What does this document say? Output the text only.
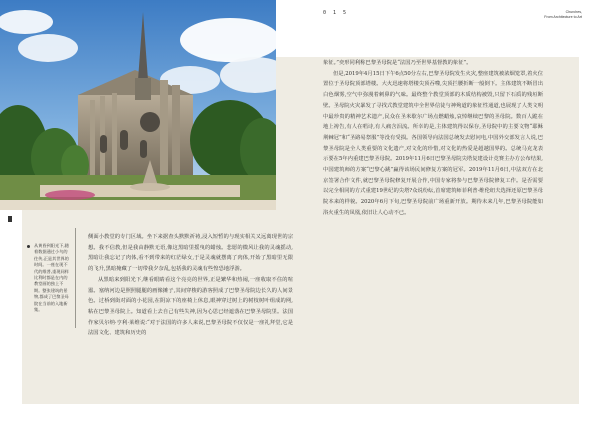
0 1 5	Churches,
From Architecture to Art
从黄昏到阳光下,随着数据通过小鸟的往传,正是其世界的时间。一座在现不代的维普,重现同样比利时都是在内的教堂画的独上不期。整张建筑的景物,都成了巴黎圣母院在当前的入地新集。

侧面小教堂的专门区域。坐下来据查头默默祈祷,浸入短暂的与现实相关又远离现世的宗想。我不信教,但是我由静默无语,像这黑暗里摇曳的蜡烛。悲愿的微风让我的灵魂摇动,黑暗让我忘记了肉体,看不到带来的红茫绿女,于是灵魂就摆离了肉体,开始了黑暗里无限的飞升,黑暗掩藏了一切带我夕奈乱,包括我的灵魂有些惶恐地浮游。

从黑暗来到阳光下,继看眼睛看这个亮亮的世界,正是繁华和热闹,一座收取不住的喧嚣。塞纳河边是照照腿腿的画像摊子,其间穿梭的游客照成了巴黎圣母院边长久的人间景色。过桥到街对面的小花园,在阴凉下的座椅上休息,眼神穿过树上的树枝树叶组成的网,粘在巴黎圣母院上。知道看上去自己有些失神,因为心思已经遮落在巴黎圣母院里。法国作家贝尔纳·亨利·莱维说:“对于法国的许多人来说,巴黎圣母院不仅仅是一座礼拜堂,它是法国文化、建筑和历史的

象征。”奕形同利称巴黎圣母院是“法国乃至世界基督教的象征”。

但是,2019年4月15日下午6点50分左右,巴黎圣母院发生火灾,整座建筑被浓烟笼罩,着火位置位于圣母院顶部塔楼。大火迅速将塔楼尖顶吞噬,尖顶拦腰折断一般倒下。主体建筑不断冒出白色烟雾,空气中弥漫着刺鼻的气味。最终整个教堂顶部的木质结构被毁,只留下石质的残垣断壁。圣母院火灾暴发了寻找式教堂建筑中全世界信徒与神殉道的象征性通道,也展现了人类文明中最珍贵的精神艺术遗产,民众在圣米歇尔广场点燃蜡烛,哀悼继续巴黎的圣母院。数百人跪在地上祷告,有人在唱诗,有人痛含泪流。所幸的是,主体建筑得以保存,圣母院中的主要文物“耶稣荆棘冠”和“圣路易祭服”等没有受损。各国领导向法国总统发去慰问电,中国外交部发言人说,巴黎圣母院是全人类重要的文化遗产,对文化的珍惜,对文化的热爱是超越国界的。总统马克龙表示要在5年内重建巴黎圣母院。2019年11月6日巴黎圣母院尖塔复建设计竞赛主办方公布结果,中国建筑师的方案“巴黎心跳”赢得该场民间修复方案的冠军。2019年11月6日,中法双方在北京签署合作文件,就巴黎圣母院修复开展合作,中国专家将参与巴黎圣母院修复工作。是否需要以完全相同的方式重建19世纪的尖塔?众说纷纭,首席建筑师菲利普·维伦纽夫选择还原巴黎圣母院本来的样貌。2020年6月下旬,巴黎圣母院前广场重新开放。期待未来几年,巴黎圣母院能如浴火重生的凤凰,依旧让人心动不已。
